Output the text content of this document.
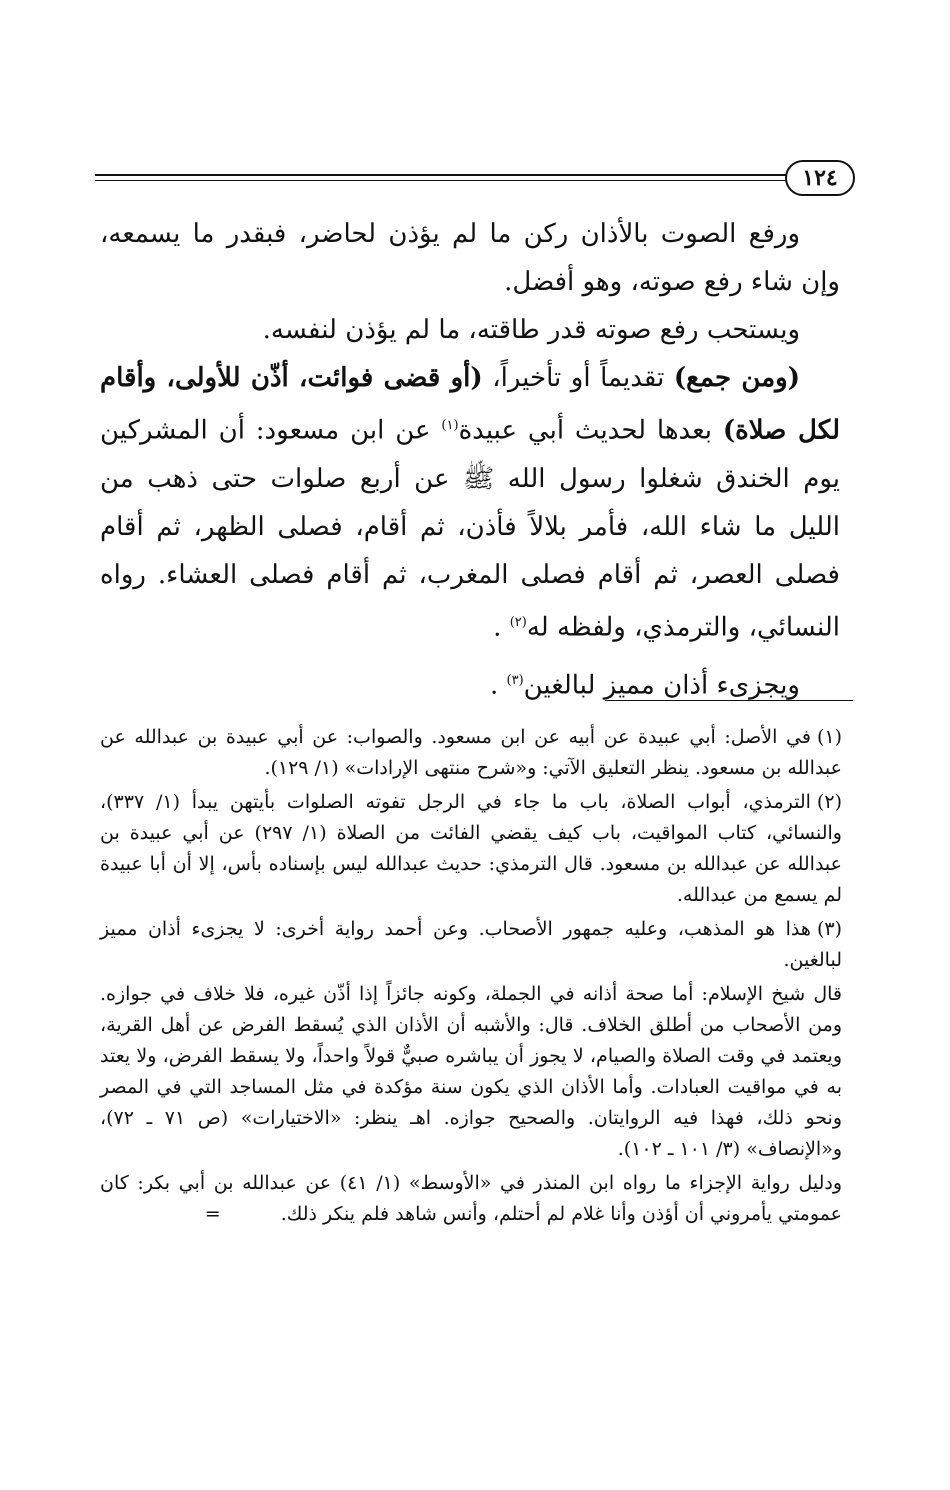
١٢٤

ورفع الصوت بالأذان ركن ما لم يؤذن لحاضر، فبقدر ما يسمعه، وإن شاء رفع صوته، وهو أفضل.

ويستحب رفع صوته قدر طاقته، ما لم يؤذن لنفسه.

(ومن جمع) تقديماً أو تأخيراً، (أو قضى فوائت، أذّن للأولى، وأقام لكل صلاة) بعدها لحديث أبي عبيدة$^{(١)}$ عن ابن مسعود: أن المشركين يوم الخندق شغلوا رسول الله ﷺ عن أربع صلوات حتى ذهب من الليل ما شاء الله، فأمر بلالاً فأذن، ثم أقام، فصلى الظهر، ثم أقام فصلى العصر، ثم أقام فصلى المغرب، ثم أقام فصلى العشاء. رواه النسائي، والترمذي، ولفظه له$^{(٢)}$ .

ويجزىء أذان مميز لبالغين$^{(٣)}$ .

(١)في الأصل: أبي عبيدة عن أبيه عن ابن مسعود. والصواب: عن أبي عبيدة بن عبدالله عن عبدالله بن مسعود. ينظر التعليق الآتي: و«شرح منتهى الإرادات» (١/ ١٢٩).

(٢)الترمذي، أبواب الصلاة، باب ما جاء في الرجل تفوته الصلوات بأيتهن يبدأ (١/ ٣٣٧)، والنسائي، كتاب المواقيت، باب كيف يقضي الفائت من الصلاة (١/ ٢٩٧) عن أبي عبيدة بن عبدالله عن عبدالله بن مسعود. قال الترمذي: حديث عبدالله ليس بإسناده بأس، إلا أن أبا عبيدة لم يسمع من عبدالله.

(٣)هذا هو المذهب، وعليه جمهور الأصحاب. وعن أحمد رواية أخرى: لا يجزىء أذان مميز لبالغين.

قال شيخ الإسلام: أما صحة أذانه في الجملة، وكونه جائزاً إذا أذّن غيره، فلا خلاف في جوازه. ومن الأصحاب من أطلق الخلاف. قال: والأشبه أن الأذان الذي يُسقط الفرض عن أهل القرية، ويعتمد في وقت الصلاة والصيام، لا يجوز أن يباشره صبيٌّ قولاً واحداً، ولا يسقط الفرض، ولا يعتد به في مواقيت العبادات. وأما الأذان الذي يكون سنة مؤكدة في مثل المساجد التي في المصر ونحو ذلك، فهذا فيه الروايتان. والصحيح جوازه. اهـ ينظر: «الاختيارات» (ص ٧١ ـ ٧٢)، و«الإنصاف» (٣/ ١٠١ ـ ١٠٢).

ودليل رواية الإجزاء ما رواه ابن المنذر في «الأوسط» (١/ ٤١) عن عبدالله بن أبي بكر: كان عمومتي يأمروني أن أؤذن وأنا غلام لم أحتلم، وأنس شاهد فلم ينكر ذلك.=
